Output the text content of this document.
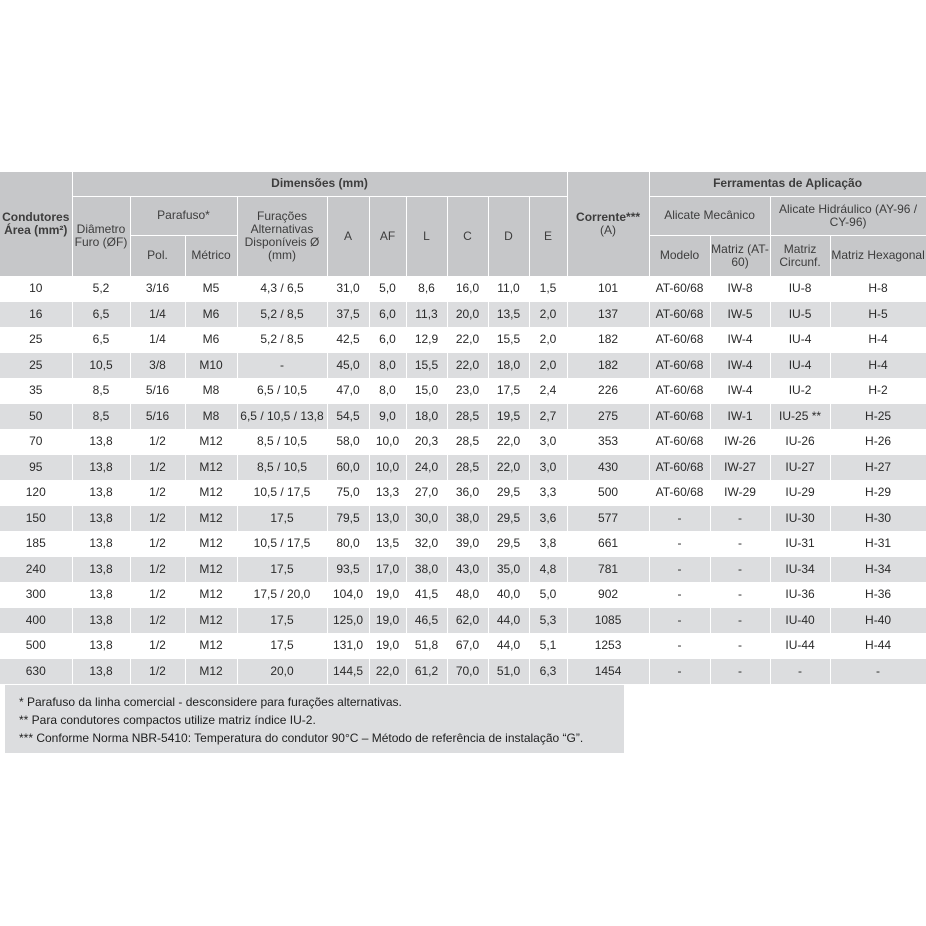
Condutores Área (mm²)	Dimensões (mm)										Corrente***
(A)	Ferramentas de Aplicação			
	Diâmetro Furo (ØF)	Parafuso*		Furações Alternativas Disponíveis Ø (mm)	A	AF	L	C	D	E		Alicate Mecânico		Alicate Hidráulico (AY-96 / CY-96)	
		Pol.	Métrico									Modelo	Matriz (AT-60)	Matriz Circunf.	Matriz Hexagonal
10	5,2	3/16	M5	4,3 / 6,5	31,0	5,0	8,6	16,0	11,0	1,5	101	AT-60/68	IW-8	IU-8	H-8
16	6,5	1/4	M6	5,2 / 8,5	37,5	6,0	11,3	20,0	13,5	2,0	137	AT-60/68	IW-5	IU-5	H-5
25	6,5	1/4	M6	5,2 / 8,5	42,5	6,0	12,9	22,0	15,5	2,0	182	AT-60/68	IW-4	IU-4	H-4
25	10,5	3/8	M10	-	45,0	8,0	15,5	22,0	18,0	2,0	182	AT-60/68	IW-4	IU-4	H-4
35	8,5	5/16	M8	6,5 / 10,5	47,0	8,0	15,0	23,0	17,5	2,4	226	AT-60/68	IW-4	IU-2	H-2
50	8,5	5/16	M8	6,5 / 10,5 / 13,8	54,5	9,0	18,0	28,5	19,5	2,7	275	AT-60/68	IW-1	IU-25 **	H-25
70	13,8	1/2	M12	8,5 / 10,5	58,0	10,0	20,3	28,5	22,0	3,0	353	AT-60/68	IW-26	IU-26	H-26
95	13,8	1/2	M12	8,5 / 10,5	60,0	10,0	24,0	28,5	22,0	3,0	430	AT-60/68	IW-27	IU-27	H-27
120	13,8	1/2	M12	10,5 / 17,5	75,0	13,3	27,0	36,0	29,5	3,3	500	AT-60/68	IW-29	IU-29	H-29
150	13,8	1/2	M12	17,5	79,5	13,0	30,0	38,0	29,5	3,6	577	-	-	IU-30	H-30
185	13,8	1/2	M12	10,5 / 17,5	80,0	13,5	32,0	39,0	29,5	3,8	661	-	-	IU-31	H-31
240	13,8	1/2	M12	17,5	93,5	17,0	38,0	43,0	35,0	4,8	781	-	-	IU-34	H-34
300	13,8	1/2	M12	17,5 / 20,0	104,0	19,0	41,5	48,0	40,0	5,0	902	-	-	IU-36	H-36
400	13,8	1/2	M12	17,5	125,0	19,0	46,5	62,0	44,0	5,3	1085	-	-	IU-40	H-40
500	13,8	1/2	M12	17,5	131,0	19,0	51,8	67,0	44,0	5,1	1253	-	-	IU-44	H-44
630	13,8	1/2	M12	20,0	144,5	22,0	61,2	70,0	51,0	6,3	1454	-	-	-	-
* Parafuso da linha comercial - desconsidere para furações alternativas.
** Para condutores compactos utilize matriz índice IU-2.
*** Conforme Norma NBR-5410: Temperatura do condutor 90°C – Método de referência de instalação “G”.
